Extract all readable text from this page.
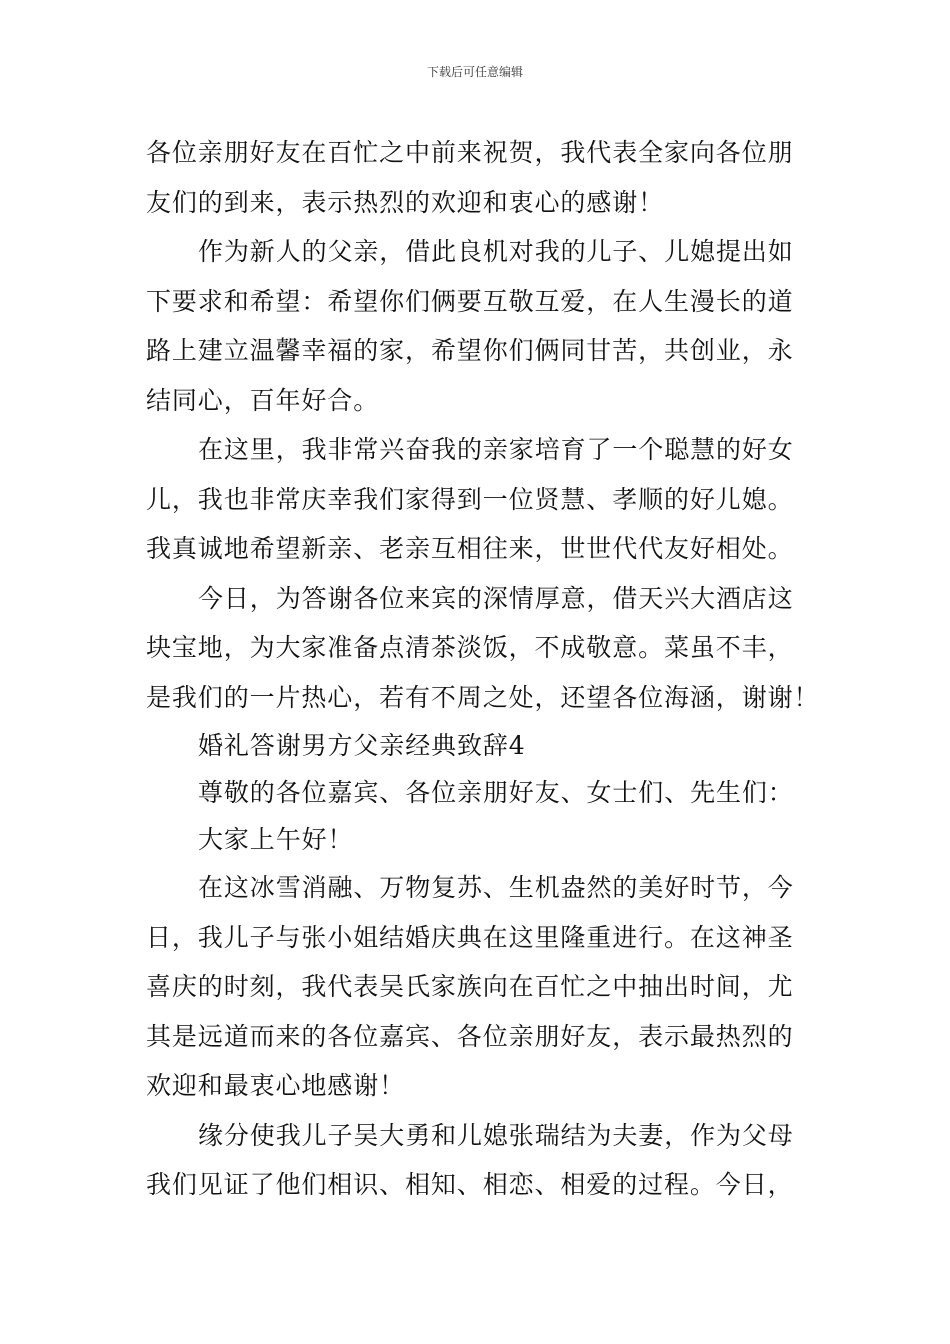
下载后可任意编辑
各位亲朋好友在百忙之中前来祝贺，我代表全家向各位朋
友们的到来，表示热烈的欢迎和衷心的感谢！
作为新人的父亲，借此良机对我的儿子、儿媳提出如
下要求和希望：希望你们俩要互敬互爱，在人生漫长的道
路上建立温馨幸福的家，希望你们俩同甘苦，共创业，永
结同心，百年好合。
在这里，我非常兴奋我的亲家培育了一个聪慧的好女
儿，我也非常庆幸我们家得到一位贤慧、孝顺的好儿媳。
我真诚地希望新亲、老亲互相往来，世世代代友好相处。
今日，为答谢各位来宾的深情厚意，借天兴大酒店这
块宝地，为大家准备点清茶淡饭，不成敬意。菜虽不丰，
是我们的一片热心，若有不周之处，还望各位海涵，谢谢！
婚礼答谢男方父亲经典致辞4
尊敬的各位嘉宾、各位亲朋好友、女士们、先生们：
大家上午好！
在这冰雪消融、万物复苏、生机盎然的美好时节，今
日，我儿子与张小姐结婚庆典在这里隆重进行。在这神圣
喜庆的时刻，我代表吴氏家族向在百忙之中抽出时间，尤
其是远道而来的各位嘉宾、各位亲朋好友，表示最热烈的
欢迎和最衷心地感谢！
缘分使我儿子吴大勇和儿媳张瑞结为夫妻，作为父母
我们见证了他们相识、相知、相恋、相爱的过程。今日，
